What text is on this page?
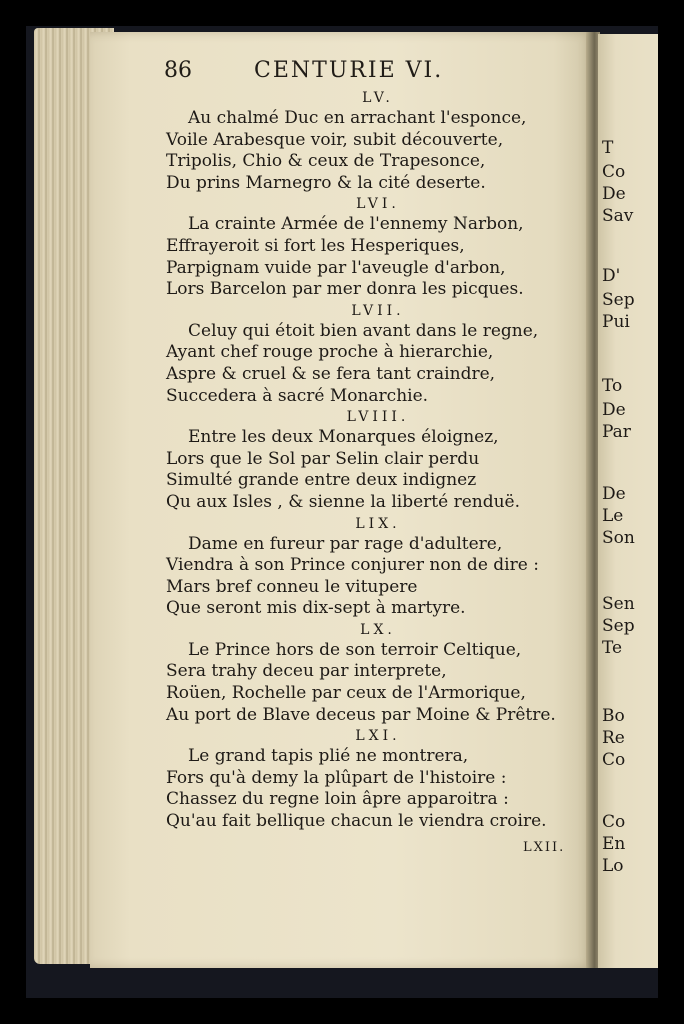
T
Co
De
Sav
D'
Sep
Pui
To
De
Par
De
Le
Son
Sen
Sep
Te
Bo
Re
Co
Co
En
Lo
86	CENTURIE VI.
LV.
Au chalmé Duc en arrachant l'esponce,
Voile Arabesque voir, subit découverte,
Tripolis, Chio & ceux de Trapesonce,
Du prins Marnegro & la cité deserte.
LVI.
La crainte Armée de l'ennemy Narbon,
Effrayeroit si fort les Hesperiques,
Parpignam vuide par l'aveugle d'arbon,
Lors Barcelon par mer donra les picques.
LVII.
Celuy qui étoit bien avant dans le regne,
Ayant chef rouge proche à hierarchie,
Aspre & cruel & se fera tant craindre,
Succedera à sacré Monarchie.
LVIII.
Entre les deux Monarques éloignez,
Lors que le Sol par Selin clair perdu
Simulté grande entre deux indignez
Qu aux Isles , & sienne la liberté renduë.
LIX.
Dame en fureur par rage d'adultere,
Viendra à son Prince conjurer non de dire :
Mars bref conneu le vitupere
Que seront mis dix-sept à martyre.
LX.
Le Prince hors de son terroir Celtique,
Sera trahy deceu par interprete,
Roüen, Rochelle par ceux de l'Armorique,
Au port de Blave deceus par Moine & Prêtre.
LXI.
Le grand tapis plié ne montrera,
Fors qu'à demy la plûpart de l'histoire :
Chassez du regne loin âpre apparoitra :
Qu'au fait bellique chacun le viendra croire.
LXII.
